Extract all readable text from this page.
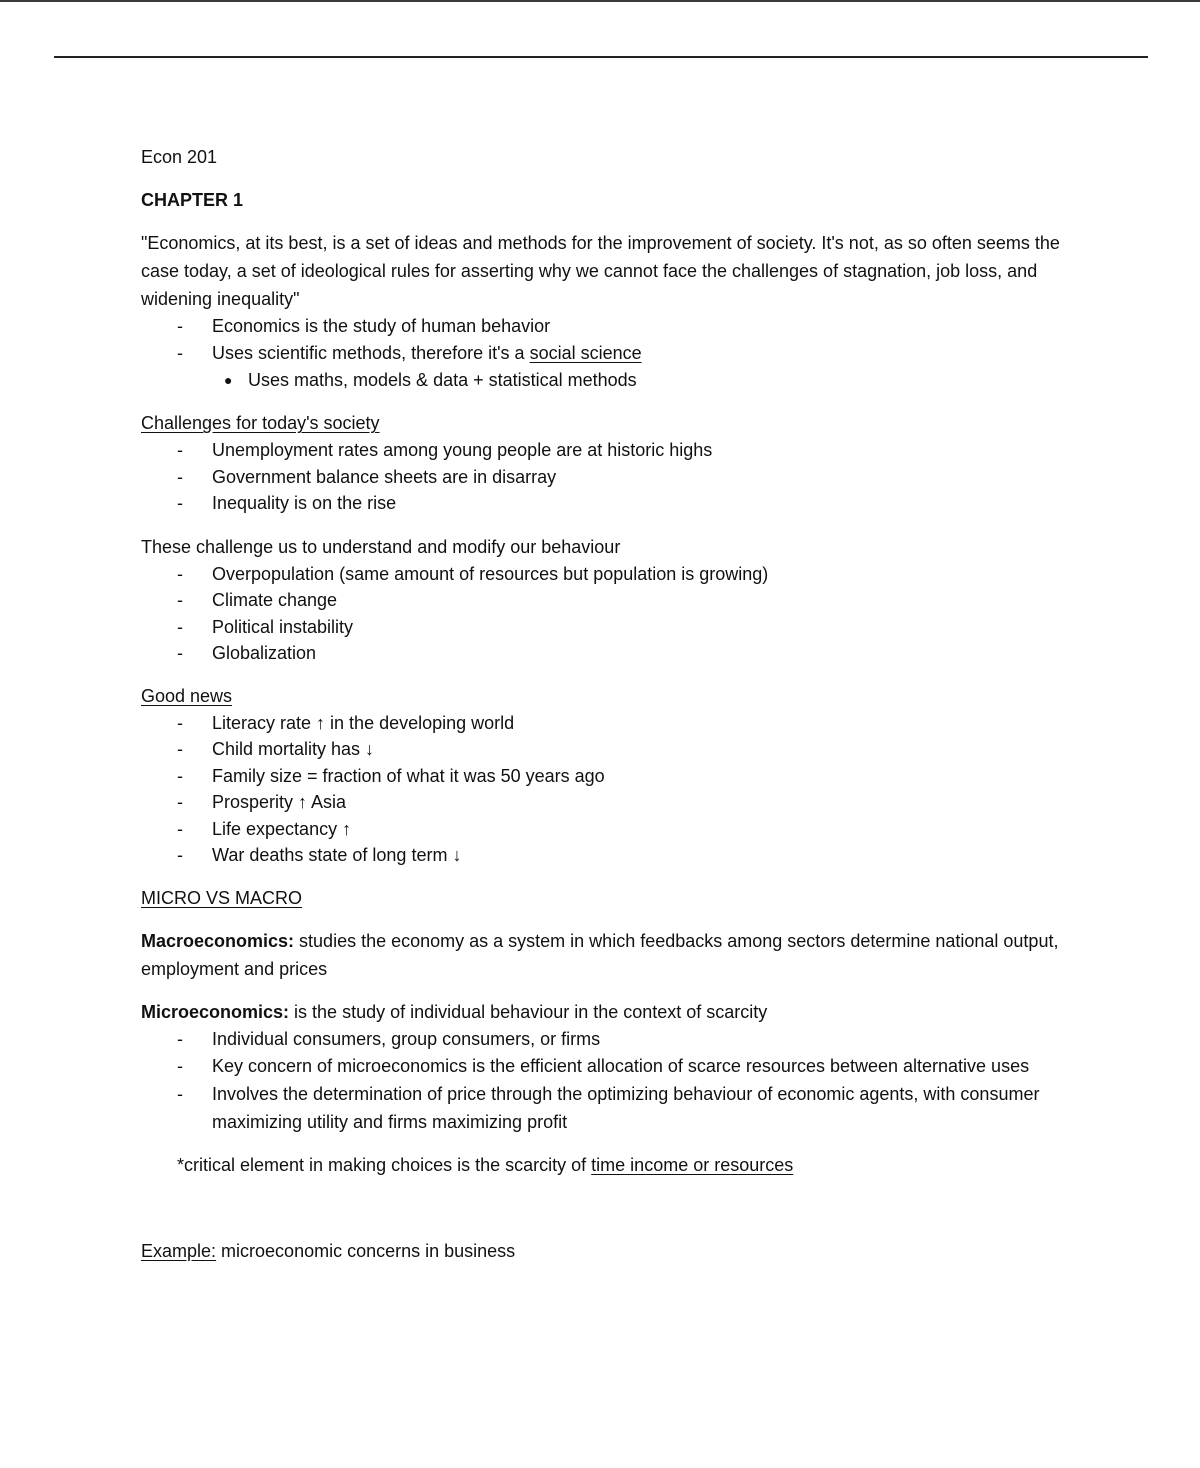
Econ 201

CHAPTER 1

"Economics, at its best, is a set of ideas and methods for the improvement of society. It's not, as so often seems the case today, a set of ideological rules for asserting why we cannot face the challenges of stagnation, job loss, and widening inequality"

- Economics is the study of human behavior
- Uses scientific methods, therefore it's a social science
● Uses maths, models & data + statistical methods

Challenges for today's society

- Unemployment rates among young people are at historic highs
- Government balance sheets are in disarray
- Inequality is on the rise

These challenge us to understand and modify our behaviour

- Overpopulation (same amount of resources but population is growing)
- Climate change
- Political instability
- Globalization

Good news

- Literacy rate ↑ in the developing world
- Child mortality has ↓
- Family size = fraction of what it was 50 years ago
- Prosperity ↑ Asia
- Life expectancy ↑
- War deaths state of long term ↓

MICRO VS MACRO

Macroeconomics: studies the economy as a system in which feedbacks among sectors determine national output, employment and prices

Microeconomics: is the study of individual behaviour in the context of scarcity

- Individual consumers, group consumers, or firms
- Key concern of microeconomics is the efficient allocation of scarce resources between alternative uses
- Involves the determination of price through the optimizing behaviour of economic agents, with consumer maximizing utility and firms maximizing profit

*critical element in making choices is the scarcity of time income or resources

Example: microeconomic concerns in business
